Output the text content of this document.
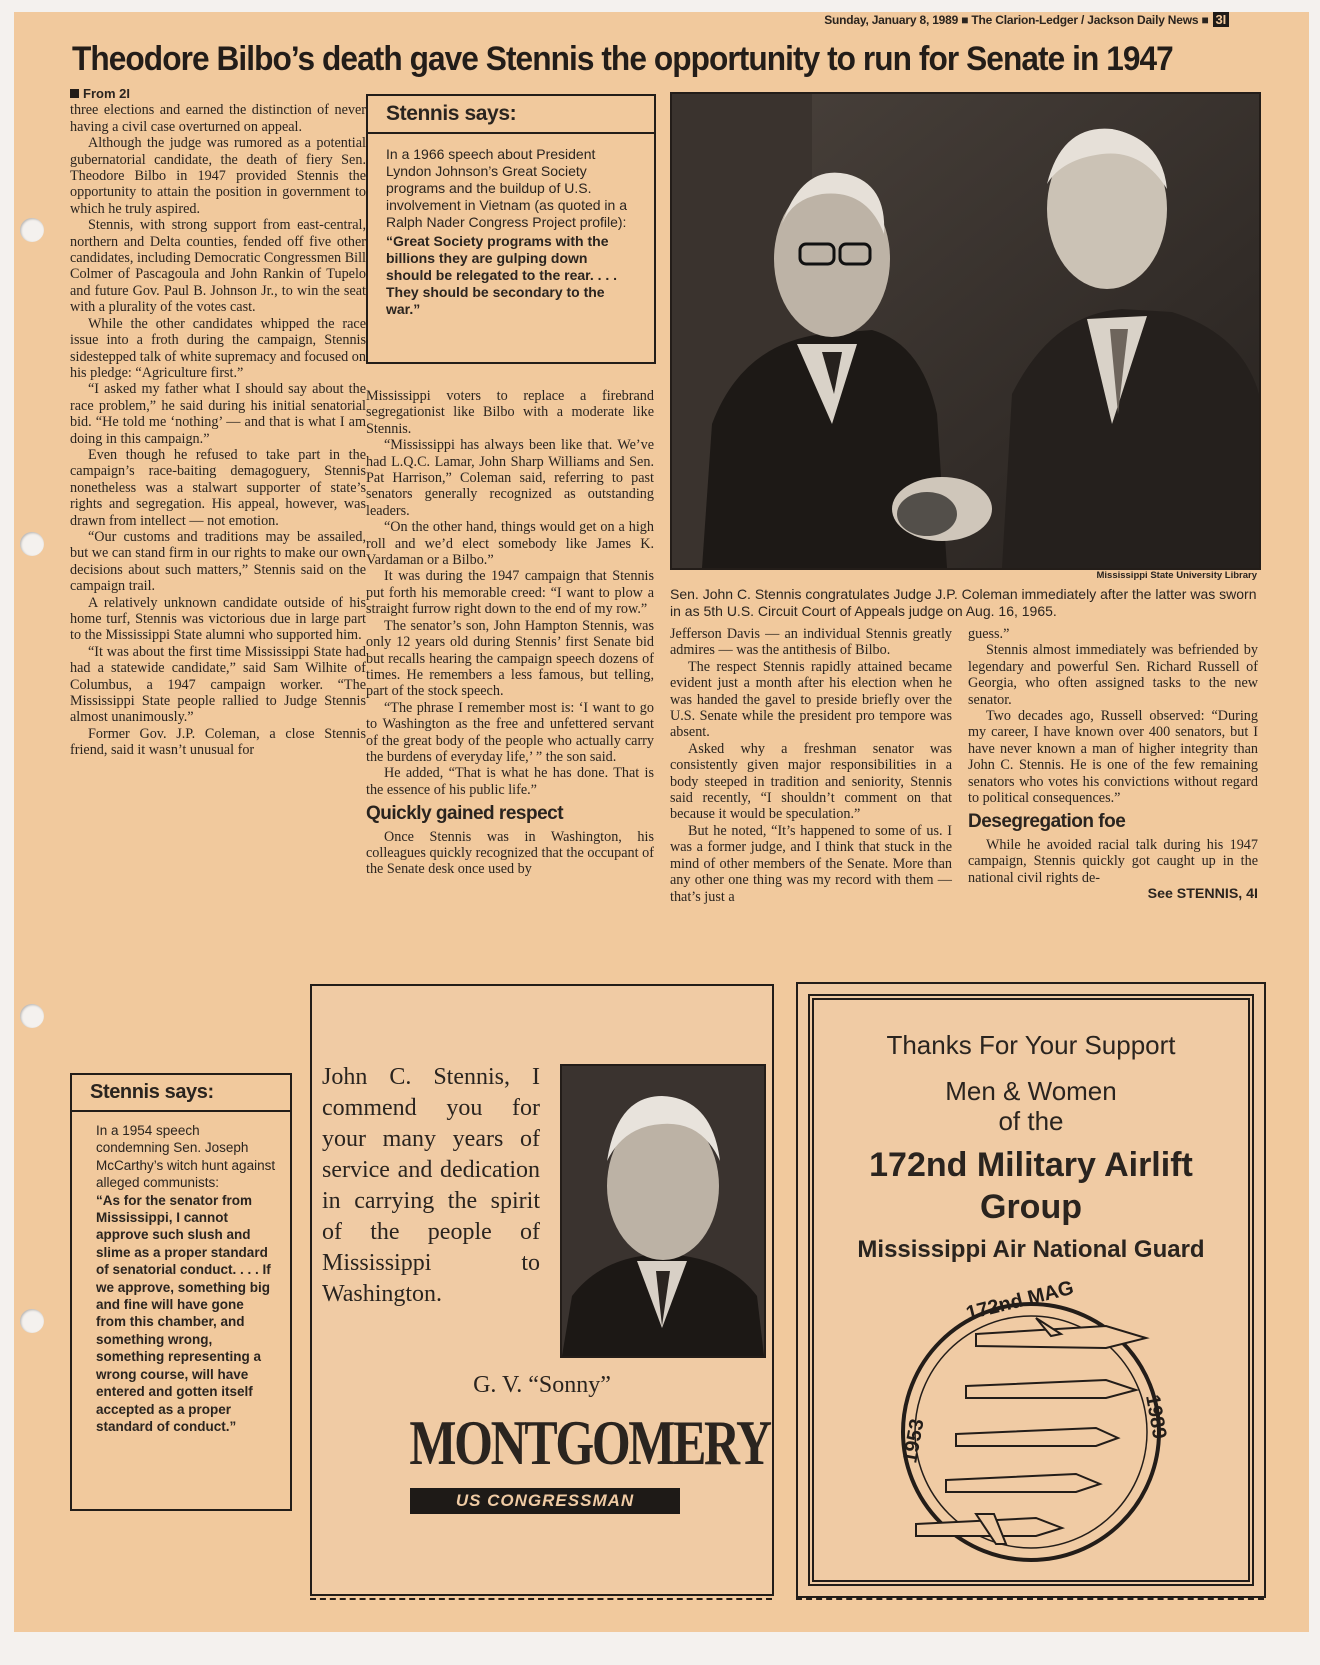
Sunday, January 8, 1989 ■ The Clarion-Ledger / Jackson Daily News ■ 3I
Theodore Bilbo’s death gave Stennis the opportunity to run for Senate in 1947
From 2I

three elections and earned the distinction of never having a civil case overturned on appeal.

Although the judge was rumored as a potential gubernatorial candidate, the death of fiery Sen. Theodore Bilbo in 1947 provided Stennis the opportunity to attain the position in government to which he truly aspired.

Stennis, with strong support from east-central, northern and Delta counties, fended off five other candidates, including Democratic Congressmen Bill Colmer of Pascagoula and John Rankin of Tupelo and future Gov. Paul B. Johnson Jr., to win the seat with a plurality of the votes cast.

While the other candidates whipped the race issue into a froth during the campaign, Stennis sidestepped talk of white supremacy and focused on his pledge: “Agriculture first.”

“I asked my father what I should say about the race problem,” he said during his initial senatorial bid. “He told me ‘nothing’ — and that is what I am doing in this campaign.”

Even though he refused to take part in the campaign’s race-baiting demagoguery, Stennis nonetheless was a stalwart supporter of state’s rights and segregation. His appeal, however, was drawn from intellect — not emotion.

“Our customs and traditions may be assailed, but we can stand firm in our rights to make our own decisions about such matters,” Stennis said on the campaign trail.

A relatively unknown candidate outside of his home turf, Stennis was victorious due in large part to the Mississippi State alumni who supported him.

“It was about the first time Mississippi State had had a statewide candidate,” said Sam Wilhite of Columbus, a 1947 campaign worker. “The Mississippi State people rallied to Judge Stennis almost unanimously.”

Former Gov. J.P. Coleman, a close Stennis friend, said it wasn’t unusual for

Stennis says:
In a 1966 speech about President Lyndon Johnson’s Great Society programs and the buildup of U.S. involvement in Vietnam (as quoted in a Ralph Nader Congress Project profile):
“Great Society programs with the billions they are gulping down should be relegated to the rear. . . . They should be secondary to the war.”

Mississippi voters to replace a firebrand segregationist like Bilbo with a moderate like Stennis.

“Mississippi has always been like that. We’ve had L.Q.C. Lamar, John Sharp Williams and Sen. Pat Harrison,” Coleman said, referring to past senators generally recognized as outstanding leaders.

“On the other hand, things would get on a high roll and we’d elect somebody like James K. Vardaman or a Bilbo.”

It was during the 1947 campaign that Stennis put forth his memorable creed: “I want to plow a straight furrow right down to the end of my row.”

The senator’s son, John Hampton Stennis, was only 12 years old during Stennis’ first Senate bid but recalls hearing the campaign speech dozens of times. He remembers a less famous, but telling, part of the stock speech.

“The phrase I remember most is: ‘I want to go to Washington as the free and unfettered servant of the great body of the people who actually carry the burdens of everyday life,’ ” the son said.

He added, “That is what he has done. That is the essence of his public life.”

Quickly gained respect

Once Stennis was in Washington, his colleagues quickly recognized that the occupant of the Senate desk once used by

Mississippi State University Library
Sen. John C. Stennis congratulates Judge J.P. Coleman immediately after the latter was sworn in as 5th U.S. Circuit Court of Appeals judge on Aug. 16, 1965.

Jefferson Davis — an individual Stennis greatly admires — was the antithesis of Bilbo.

The respect Stennis rapidly attained became evident just a month after his election when he was handed the gavel to preside briefly over the U.S. Senate while the president pro tempore was absent.

Asked why a freshman senator was consistently given major responsibilities in a body steeped in tradition and seniority, Stennis said recently, “I shouldn’t comment on that because it would be speculation.”

But he noted, “It’s happened to some of us. I was a former judge, and I think that stuck in the mind of other members of the Senate. More than any other one thing was my record with them — that’s just a

guess.”

Stennis almost immediately was befriended by legendary and powerful Sen. Richard Russell of Georgia, who often assigned tasks to the new senator.

Two decades ago, Russell observed: “During my career, I have known over 400 senators, but I have never known a man of higher integrity than John C. Stennis. He is one of the few remaining senators who votes his convictions without regard to political consequences.”

Desegregation foe

While he avoided racial talk during his 1947 campaign, Stennis quickly got caught up in the national civil rights de-

See STENNIS, 4I
Stennis says:
In a 1954 speech condemning Sen. Joseph McCarthy’s witch hunt against alleged communists:
“As for the senator from Mississippi, I cannot approve such slush and slime as a proper standard of senatorial conduct. . . . If we approve, something big and fine will have gone from this chamber, and something wrong, something representing a wrong course, will have entered and gotten itself accepted as a proper standard of conduct.”
John C. Stennis, I commend you for your many years of service and dedication in carrying the spirit of the people of Mississippi to Washington.
G. V. “Sonny”
MONTGOMERY
US CONGRESSMAN
Thanks For Your Support
Men & Women
of the
172nd Military Airlift Group
Mississippi Air National Guard
172nd MAG
1953
1989
